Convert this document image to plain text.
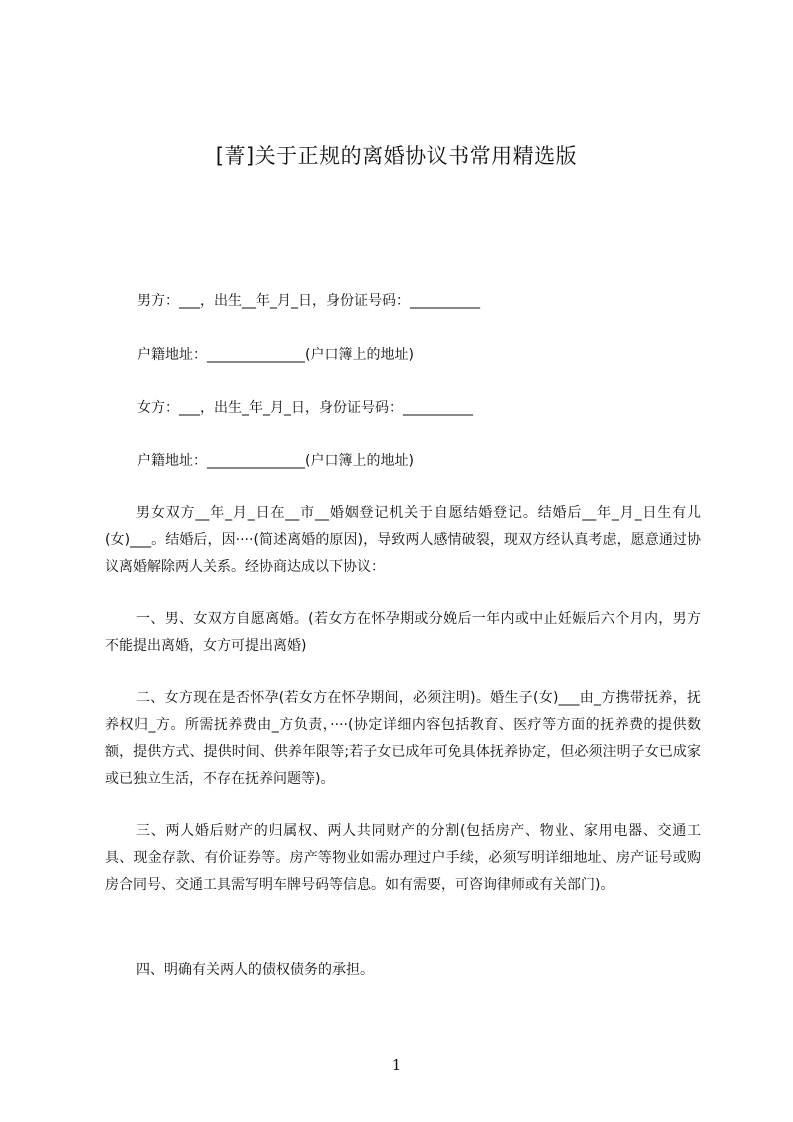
[菁]关于正规的离婚协议书常用精选版
男方：___，出生__年_月_日，身份证号码：__________
户籍地址：______________(户口簿上的地址)
女方：___，出生_年_月_日，身份证号码：__________
户籍地址：______________(户口簿上的地址)

男女双方__年_月_日在__市__婚姻登记机关于自愿结婚登记。结婚后__年_月_日生有儿(女)___。结婚后，因····(简述离婚的原因)，导致两人感情破裂，现双方经认真考虑，愿意通过协议离婚解除两人关系。经协商达成以下协议：

一、男、女双方自愿离婚。(若女方在怀孕期或分娩后一年内或中止妊娠后六个月内，男方不能提出离婚，女方可提出离婚)

二、女方现在是否怀孕(若女方在怀孕期间，必须注明)。婚生子(女)___由_方携带抚养，抚养权归_方。所需抚养费由_方负责，····(协定详细内容包括教育、医疗等方面的抚养费的提供数额，提供方式、提供时间、供养年限等;若子女已成年可免具体抚养协定，但必须注明子女已成家或已独立生活，不存在抚养问题等)。

三、两人婚后财产的归属权、两人共同财产的分割(包括房产、物业、家用电器、交通工具、现金存款、有价证券等。房产等物业如需办理过户手续，必须写明详细地址、房产证号或购房合同号、交通工具需写明车牌号码等信息。如有需要，可咨询律师或有关部门)。

四、明确有关两人的债权债务的承担。

1
